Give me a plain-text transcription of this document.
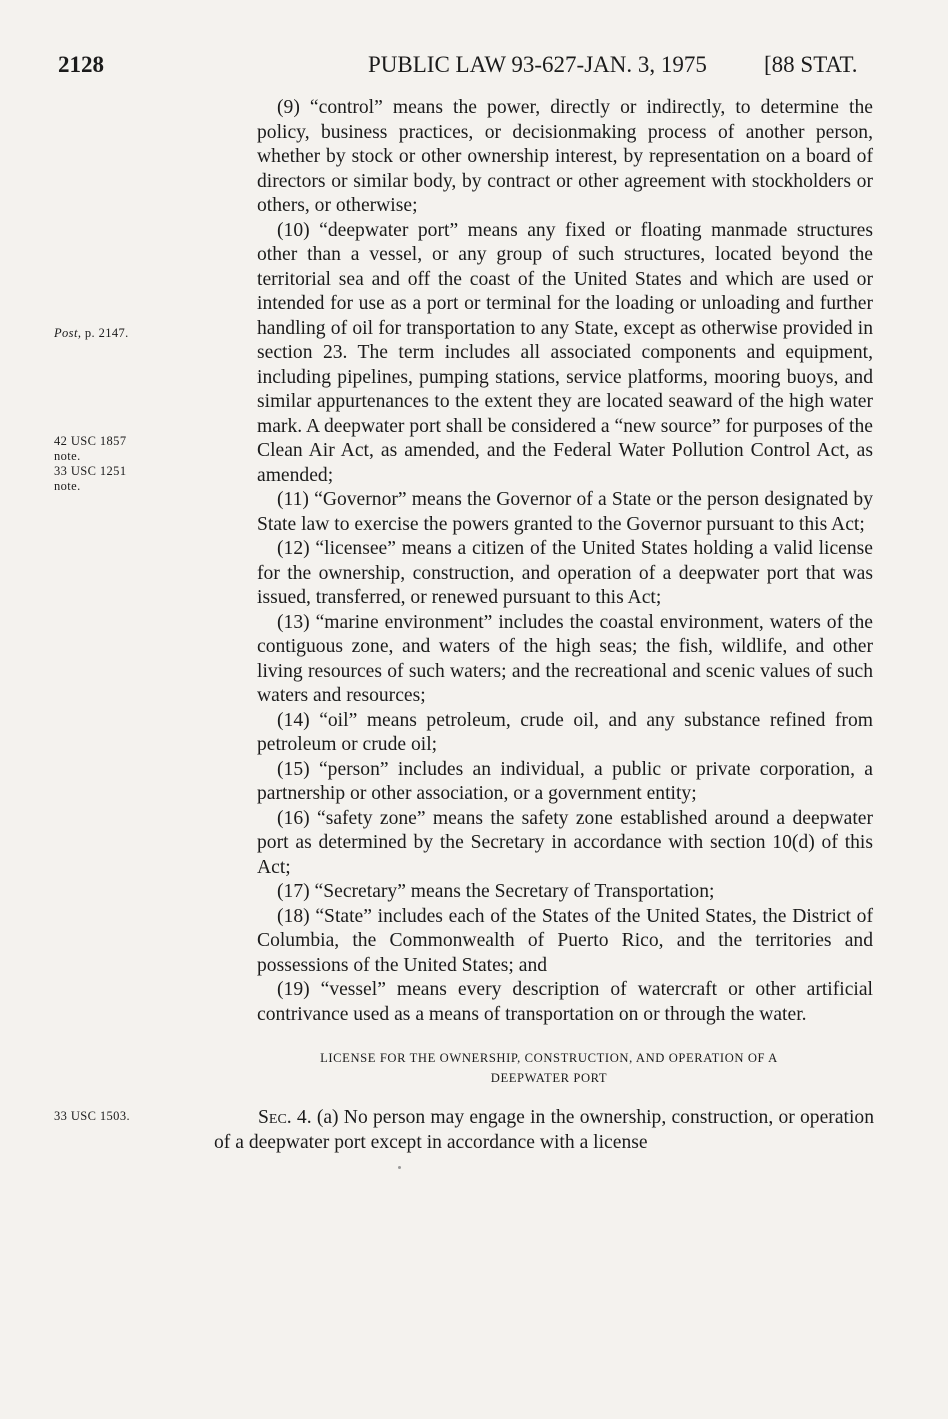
2128	PUBLIC LAW 93-627-JAN. 3, 1975 [88 STAT.
Post, p. 2147.
42 USC 1857
note.
33 USC 1251
note.
33 USC 1503.

(9) “control” means the power, directly or indirectly, to determine the policy, business practices, or decisionmaking process of another person, whether by stock or other ownership interest, by representation on a board of directors or similar body, by contract or other agreement with stockholders or others, or otherwise;

(10) “deepwater port” means any fixed or floating manmade structures other than a vessel, or any group of such structures, located beyond the territorial sea and off the coast of the United States and which are used or intended for use as a port or terminal for the loading or unloading and further handling of oil for transportation to any State, except as otherwise provided in section 23. The term includes all associated components and equipment, including pipelines, pumping stations, service platforms, mooring buoys, and similar appurtenances to the extent they are located seaward of the high water mark. A deepwater port shall be considered a “new source” for purposes of the Clean Air Act, as amended, and the Federal Water Pollution Control Act, as amended;

(11) “Governor” means the Governor of a State or the person designated by State law to exercise the powers granted to the Governor pursuant to this Act;

(12) “licensee” means a citizen of the United States holding a valid license for the ownership, construction, and operation of a deepwater port that was issued, transferred, or renewed pursuant to this Act;

(13) “marine environment” includes the coastal environment, waters of the contiguous zone, and waters of the high seas; the fish, wildlife, and other living resources of such waters; and the recreational and scenic values of such waters and resources;

(14) “oil” means petroleum, crude oil, and any substance refined from petroleum or crude oil;

(15) “person” includes an individual, a public or private corporation, a partnership or other association, or a government entity;

(16) “safety zone” means the safety zone established around a deepwater port as determined by the Secretary in accordance with section 10(d) of this Act;

(17) “Secretary” means the Secretary of Transportation;

(18) “State” includes each of the States of the United States, the District of Columbia, the Commonwealth of Puerto Rico, and the territories and possessions of the United States; and

(19) “vessel” means every description of watercraft or other artificial contrivance used as a means of transportation on or through the water.

LICENSE FOR THE OWNERSHIP, CONSTRUCTION, AND OPERATION OF A
DEEPWATER PORT

Sec. 4. (a) No person may engage in the ownership, construction, or operation of a deepwater port except in accordance with a license
